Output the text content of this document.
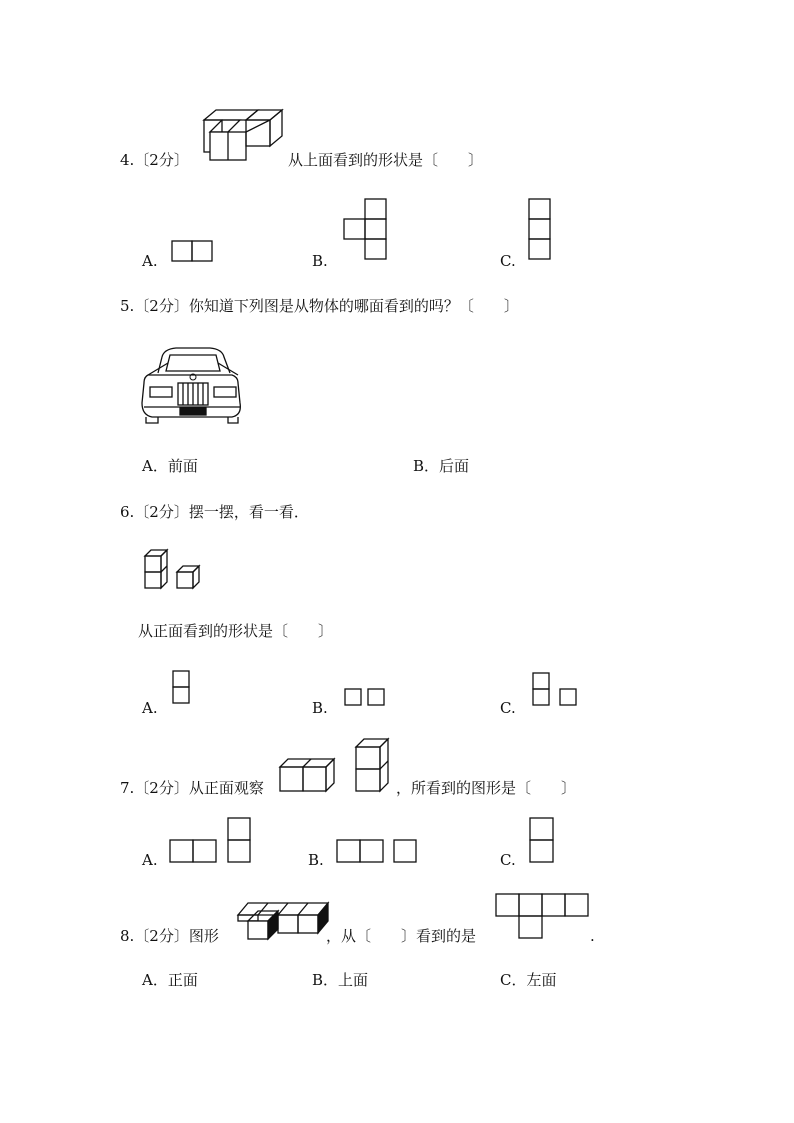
4.〔2分〕	从上面看到的形状是〔　　〕
A.	B.	C.
5.〔2分〕你知道下列图是从物体的哪面看到的吗？〔　　〕
A．前面	B．后面
6.〔2分〕摆一摆，看一看．
从正面看到的形状是〔　　〕
A.	B.	C.
7.〔2分〕从正面观察	，所看到的图形是〔　　〕
A.	B.	C.
8.〔2分〕图形	，从〔　　〕看到的是	.
A．正面	B．上面	C．左面
